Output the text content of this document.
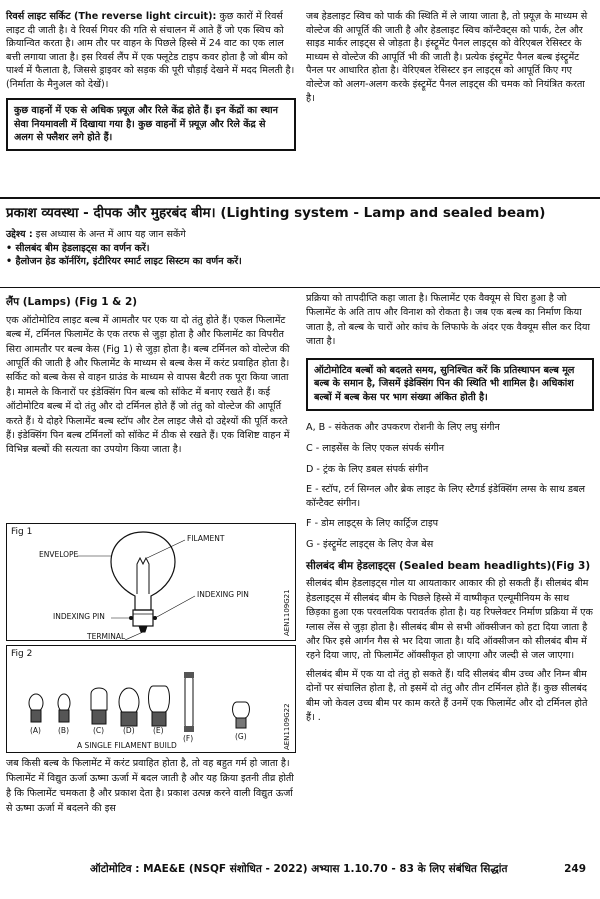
रिवर्स लाइट सर्किट (The reverse light circuit): कुछ कारों में रिवर्स लाइट दी जाती है। वे रिवर्स गियर की गति से संचालन में आते हैं जो एक स्विच को क्रियान्वित करता है। आम तौर पर वाहन के पिछले हिस्से में 24 वाट का एक लाल बत्ती लगाया जाता है। इस रिवर्स लैंप में एक फ्लूटेड टाइप कवर होता है जो बीम को पार्श्व में फैलाता है, जिससे ड्राइवर को सड़क की पूरी चौड़ाई देखने में मदद मिलती है। (निर्माता के मैनुअल को देखें)।

कुछ वाहनों में एक से अधिक फ़्यूज़ और रिले केंद्र होते हैं। इन केंद्रों का स्थान सेवा नियमावली में दिखाया गया है। कुछ वाहनों में फ़्यूज़ और रिले केंद्र से अलग से फ्लैशर लगे होते हैं।

जब हेडलाइट स्विच को पार्क की स्थिति में ले जाया जाता है, तो फ़्यूज़ के माध्यम से वोल्टेज की आपूर्ति की जाती है और हेडलाइट स्विच कॉन्टैक्ट्स को पार्क, टेल और साइड मार्कर लाइट्स से जोड़ता है। इंस्ट्रूमेंट पैनल लाइट्स को वेरिएबल रेसिस्टर के माध्यम से वोल्टेज की आपूर्ति भी की जाती है। प्रत्येक इंस्ट्रूमेंट पैनल बल्ब इंस्ट्रूमेंट पैनल पर आधारित होता है। वेरिएबल रेसिस्टर इन लाइट्स को आपूर्ति किए गए वोल्टेज को अलग-अलग करके इंस्ट्रूमेंट पैनल लाइट्स की चमक को नियंत्रित करता है।

प्रकाश व्यवस्था - दीपक और मुहरबंद बीम। (Lighting system - Lamp and sealed beam)
उद्देश्य : इस अध्यास के अन्त में आप यह जान सकेंगे
• सीलबंद बीम हेडलाइट्स का वर्णन करें।
• हैलोजन हेड कॉर्नरिंग, इंटीरियर स्मार्ट लाइट सिस्टम का वर्णन करें।
लैंप (Lamps) (Fig 1 & 2)

एक ऑटोमोटिव लाइट बल्ब में आमतौर पर एक या दो तंतु होते हैं। एकल फिलामेंट बल्ब में, टर्मिनल फिलामेंट के एक तरफ से जुड़ा होता है और फिलामेंट का विपरीत सिरा आमतौर पर बल्ब केस (Fig 1) से जुड़ा होता है। बल्ब टर्मिनल को वोल्टेज की आपूर्ति की जाती है और फिलामेंट के माध्यम से बल्ब केस में करंट प्रवाहित होता है। सर्किट को बल्ब केस से वाहन ग्राउंड के माध्यम से वापस बैटरी तक पूरा किया जाता है। मामले के किनारों पर इंडेक्सिंग पिन बल्ब को सॉकेट में बनाए रखते हैं। कई ऑटोमोटिव बल्ब में दो तंतु और दो टर्मिनल होते हैं जो तंतु को वोल्टेज की आपूर्ति करते हैं। ये दोहरे फिलामेंट बल्ब स्टॉप और टेल लाइट जैसे दो उद्देश्यों की पूर्ति करते हैं। इंडेक्सिंग पिन बल्ब टर्मिनलों को सॉकेट में ठीक से रखते हैं। एक विशिष्ट वाहन में विभिन्न बल्बों की सत्यता का उपयोग किया जाता है।

Fig 1
FILAMENT
ENVELOPE
INDEXING PIN
INDEXING PIN
TERMINAL
AEN1109G21
Fig 2
(A) (B)	(C)	(D) (E)
(F)	(G)
A SINGLE FILAMENT BUILD	AEN1109G22

जब किसी बल्ब के फिलामेंट में करंट प्रवाहित होता है, तो वह बहुत गर्म हो जाता है। फिलामेंट में विद्युत ऊर्जा ऊष्मा ऊर्जा में बदल जाती है और यह क्रिया इतनी तीव्र होती है कि फिलामेंट चमकता है और प्रकाश देता है। प्रकाश उत्पन्न करने वाली विद्युत ऊर्जा से ऊष्मा ऊर्जा में बदलने की इस

प्रक्रिया को तापदीप्ति कहा जाता है। फिलामेंट एक वैक्यूम से घिरा हुआ है जो फिलामेंट के अति ताप और विनाश को रोकता है। जब एक बल्ब का निर्माण किया जाता है, तो बल्ब के चारों ओर कांच के लिफाफे के अंदर एक वैक्यूम सील कर दिया जाता है।

ऑटोमोटिव बल्बों को बदलते समय, सुनिश्चित करें कि प्रतिस्थापन बल्ब मूल बल्ब के समान है, जिसमें इंडेक्सिंग पिन की स्थिति भी शामिल है। अधिकांश बल्बों में बल्ब केस पर भाग संख्या अंकित होती है।

A, B - संकेतक और उपकरण रोशनी के लिए लघु संगीन

C - लाइसेंस के लिए एकल संपर्क संगीन

D - ट्रंक के लिए डबल संपर्क संगीन

E - स्टॉप, टर्न सिग्नल और ब्रेक लाइट के लिए स्टैगर्ड इंडेक्सिंग लग्स के साथ डबल कॉन्टैक्ट संगीन।

F - डोम लाइट्स के लिए कार्ट्रिज टाइप

G - इंस्ट्रूमेंट लाइट्स के लिए वेज बेस

सीलबंद बीम हेडलाइट्स (Sealed beam headlights)(Fig 3)

सीलबंद बीम हेडलाइट्स गोल या आयताकार आकार की हो सकती हैं। सीलबंद बीम हेडलाइट्स में सीलबंद बीम के पिछले हिस्से में वाष्पीकृत एल्यूमीनियम के साथ छिड़का हुआ एक परवलयिक परावर्तक होता है। यह रिफ्लेक्टर निर्माण प्रक्रिया में एक ग्लास लेंस से जुड़ा होता है। सीलबंद बीम से सभी ऑक्सीजन को हटा दिया जाता है और फिर इसे आर्गन गैस से भर दिया जाता है। यदि ऑक्सीजन को सीलबंद बीम में रहने दिया जाए, तो फिलामेंट ऑक्सीकृत हो जाएगा और जल्दी से जल जाएगा।

सीलबंद बीम में एक या दो तंतु हो सकते हैं। यदि सीलबंद बीम उच्च और निम्न बीम दोनों पर संचालित होता है, तो इसमें दो तंतु और तीन टर्मिनल होते हैं। कुछ सीलबंद बीम जो केवल उच्च बीम पर काम करते हैं उनमें एक फिलामेंट और दो टर्मिनल होते हैं। .

ऑटोमोटिव : MAE&E (NSQF संशोधित - 2022) अभ्यास 1.10.70 - 83 के लिए संबंधित सिद्धांत	249
